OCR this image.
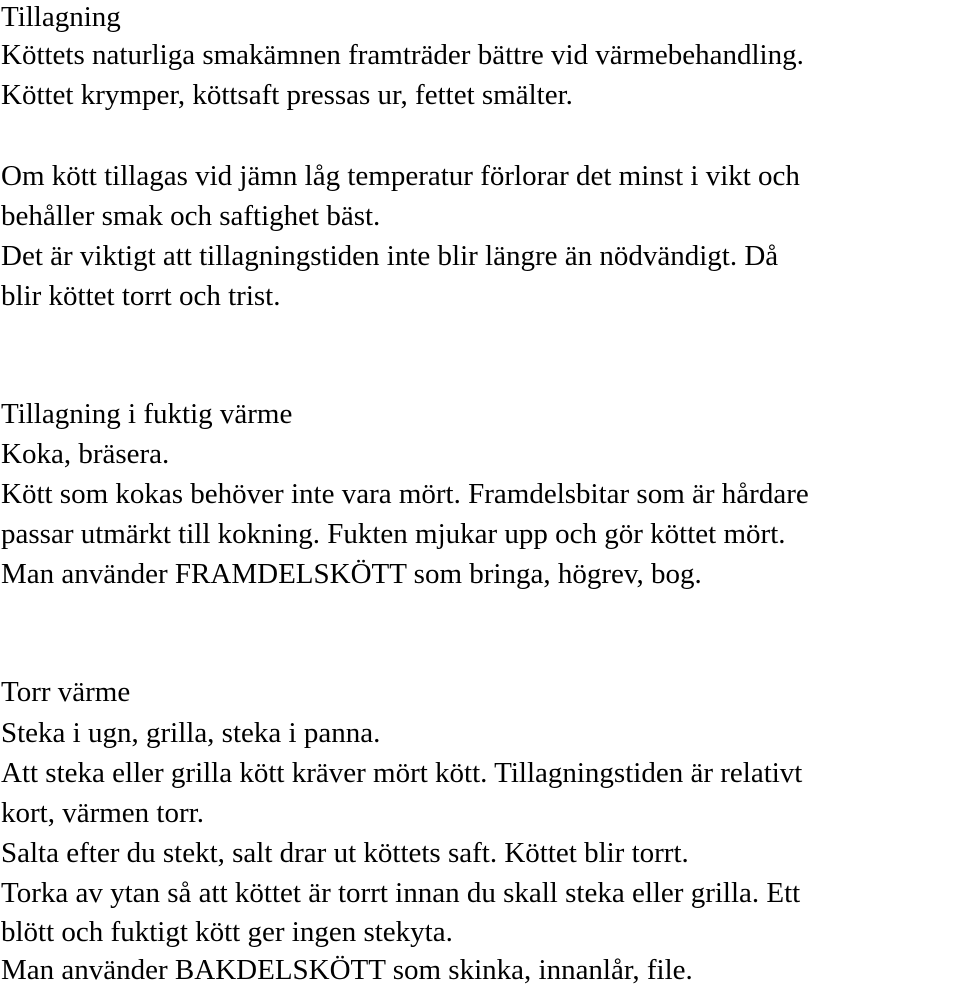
Tillagning
Köttets naturliga smakämnen framträder bättre vid värmebehandling.
Köttet krymper, köttsaft pressas ur, fettet smälter.
Om kött tillagas vid jämn låg temperatur förlorar det minst i vikt och
behåller smak och saftighet bäst.
Det är viktigt att tillagningstiden inte blir längre än nödvändigt. Då
blir köttet torrt och trist.
Tillagning i fuktig värme
Koka, bräsera.
Kött som kokas behöver inte vara mört. Framdelsbitar som är hårdare
passar utmärkt till kokning. Fukten mjukar upp och gör köttet mört.
Man använder FRAMDELSKÖTT som bringa, högrev, bog.
Torr värme
Steka i ugn, grilla, steka i panna.
Att steka eller grilla kött kräver mört kött. Tillagningstiden är relativt
kort, värmen torr.
Salta efter du stekt, salt drar ut köttets saft. Köttet blir torrt.
Torka av ytan så att köttet är torrt innan du skall steka eller grilla. Ett
blött och fuktigt kött ger ingen stekyta.
Man använder BAKDELSKÖTT som skinka, innanlår, file.
